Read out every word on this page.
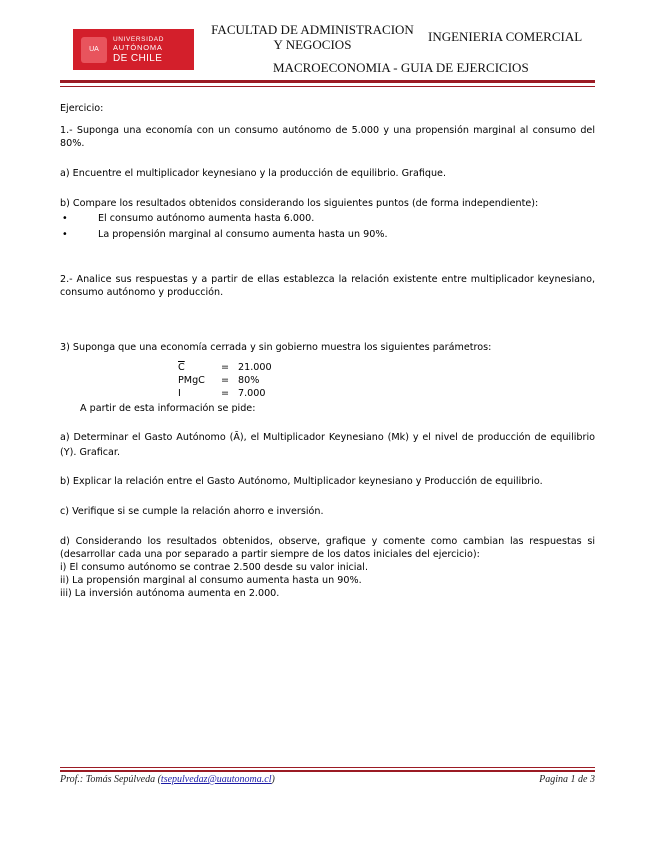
UA
UNIVERSIDAD
AUTÓNOMA
DE CHILE
FACULTAD DE ADMINISTRACION
Y NEGOCIOS
INGENIERIA COMERCIAL
MACROECONOMIA - GUIA DE EJERCICIOS

Ejercicio:

1.- Suponga una economía con un consumo autónomo de 5.000 y una propensión marginal al consumo del 80%.

a) Encuentre el multiplicador keynesiano y la producción de equilibrio. Grafique.

b) Compare los resultados obtenidos considerando los siguientes puntos (de forma independiente):

•	El consumo autónomo aumenta hasta 6.000.
•	La propensión marginal al consumo aumenta hasta un 90%.

2.- Analice sus respuestas y a partir de ellas establezca la relación existente entre multiplicador keynesiano, consumo autónomo y producción.

3) Suponga que una economía cerrada y sin gobierno muestra los siguientes parámetros:

$\overline{C}$	= 21.000
PMgC = 80%
I	= 7.000

A partir de esta información se pide:

a) Determinar el Gasto Autónomo (Ā), el Multiplicador Keynesiano (Mk) y el nivel de producción de equilibrio (Y). Graficar.

b) Explicar la relación entre el Gasto Autónomo, Multiplicador keynesiano y Producción de equilibrio.

c) Verifique si se cumple la relación ahorro e inversión.

d) Considerando los resultados obtenidos, observe, grafique y comente como cambian las respuestas si (desarrollar cada una por separado a partir siempre de los datos iniciales del ejercicio):

i) El consumo autónomo se contrae 2.500 desde su valor inicial.

ii) La propensión marginal al consumo aumenta hasta un 90%.

iii) La inversión autónoma aumenta en 2.000.

Prof.: Tomás Sepúlveda (tsepulvedaz@uautonoma.cl)	Pagina 1 de 3
